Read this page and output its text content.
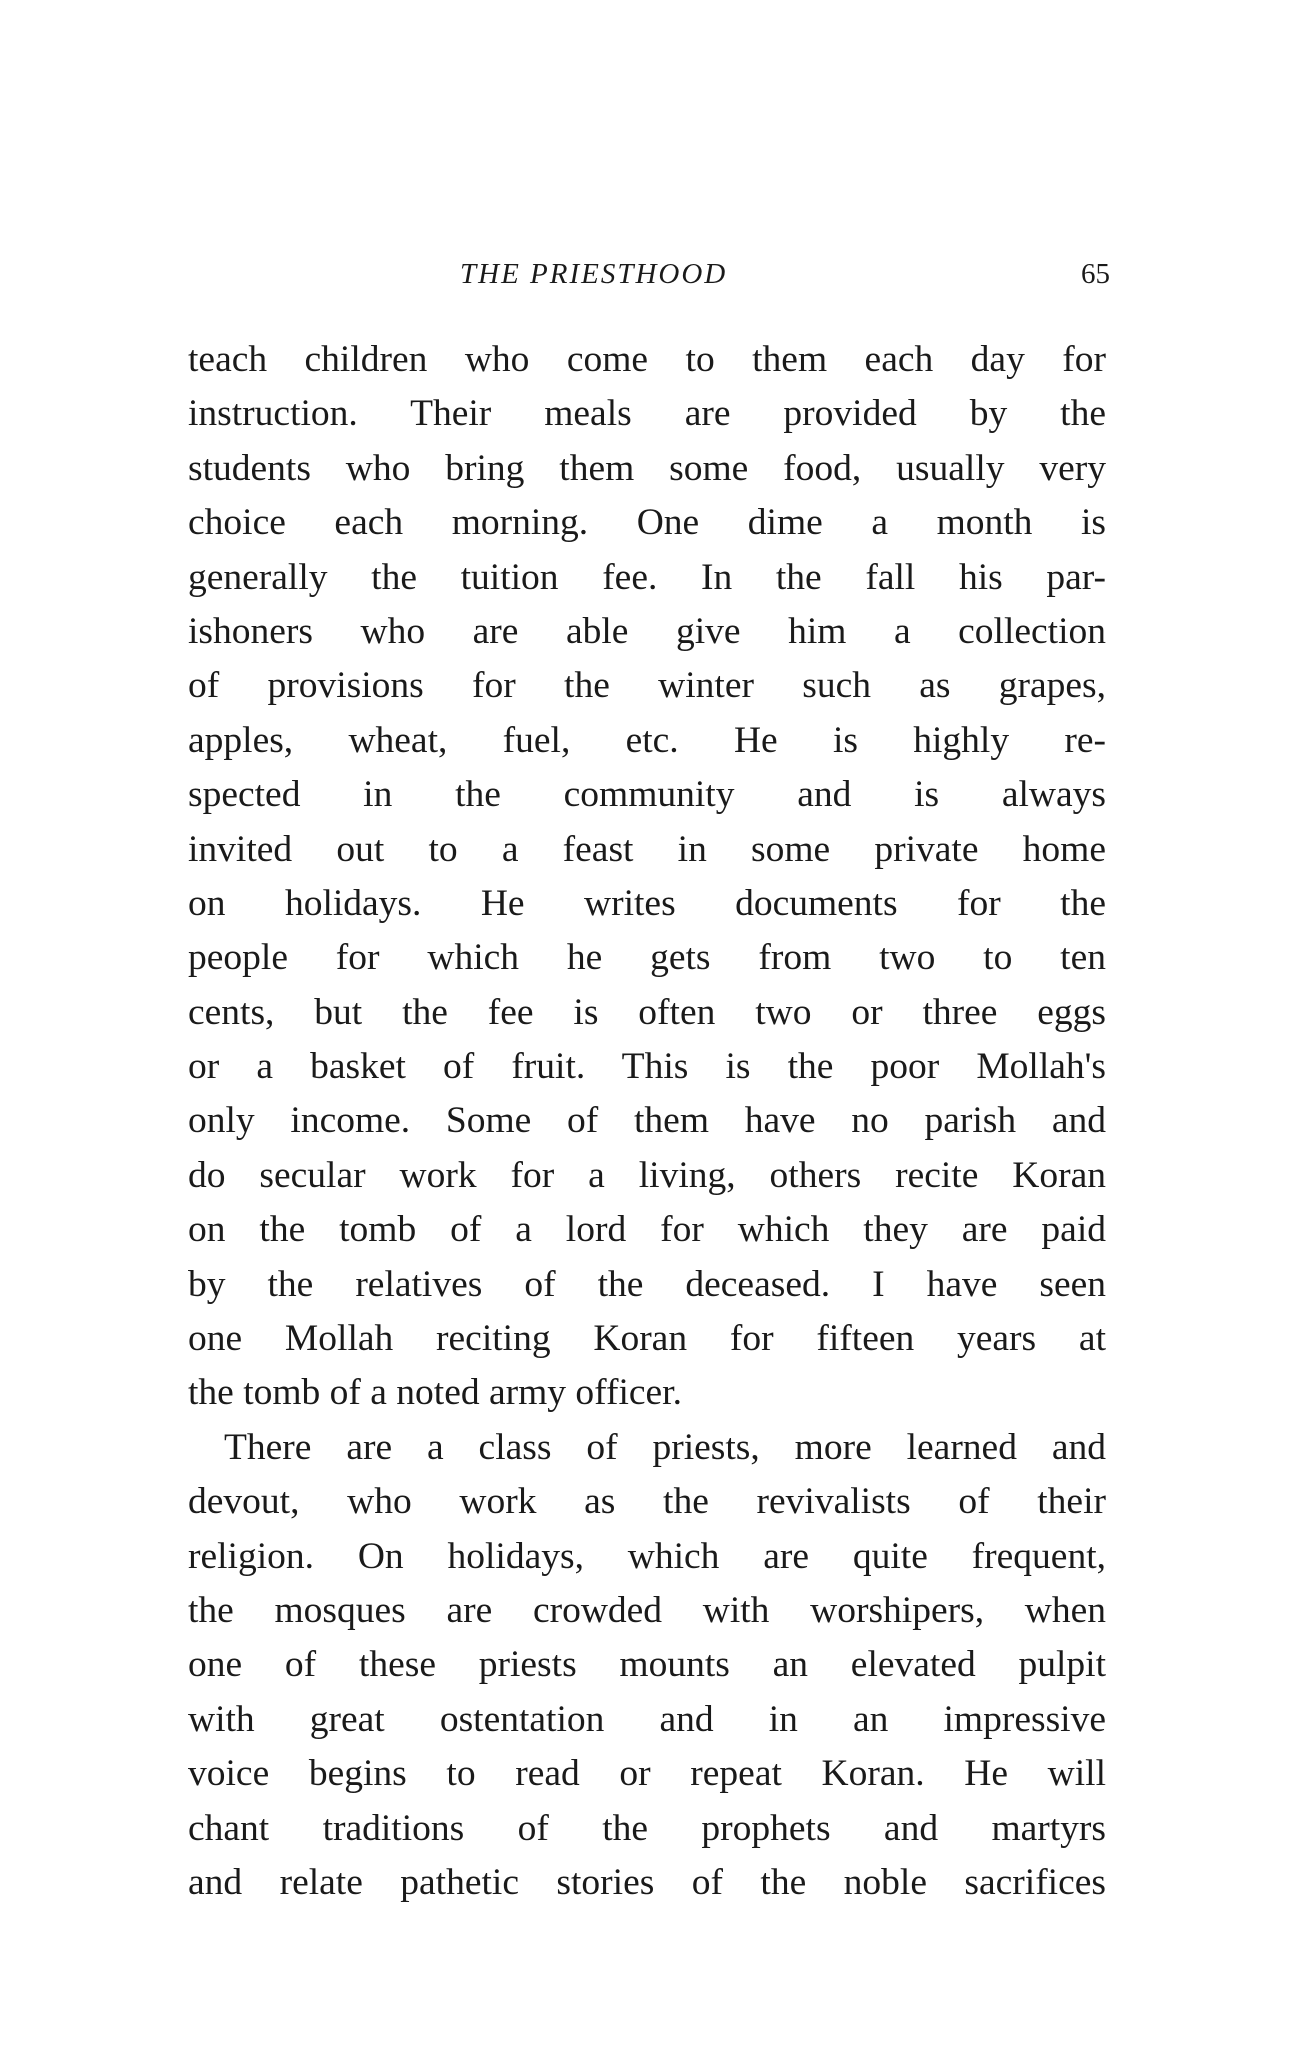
THE PRIESTHOOD	65
teach children who come to them each day for
instruction. Their meals are provided by the
students who bring them some food, usually very
choice each morning. One dime a month is
generally the tuition fee. In the fall his par-
ishoners who are able give him a collection
of provisions for the winter such as grapes,
apples, wheat, fuel, etc. He is highly re-
spected in the community and is always
invited out to a feast in some private home
on holidays. He writes documents for the
people for which he gets from two to ten
cents, but the fee is often two or three eggs
or a basket of fruit. This is the poor Mollah's
only income. Some of them have no parish and
do secular work for a living, others recite Koran
on the tomb of a lord for which they are paid
by the relatives of the deceased. I have seen
one Mollah reciting Koran for fifteen years at
the tomb of a noted army officer.
There are a class of priests, more learned and
devout, who work as the revivalists of their
religion. On holidays, which are quite frequent,
the mosques are crowded with worshipers, when
one of these priests mounts an elevated pulpit
with great ostentation and in an impressive
voice begins to read or repeat Koran. He will
chant traditions of the prophets and martyrs
and relate pathetic stories of the noble sacrifices
